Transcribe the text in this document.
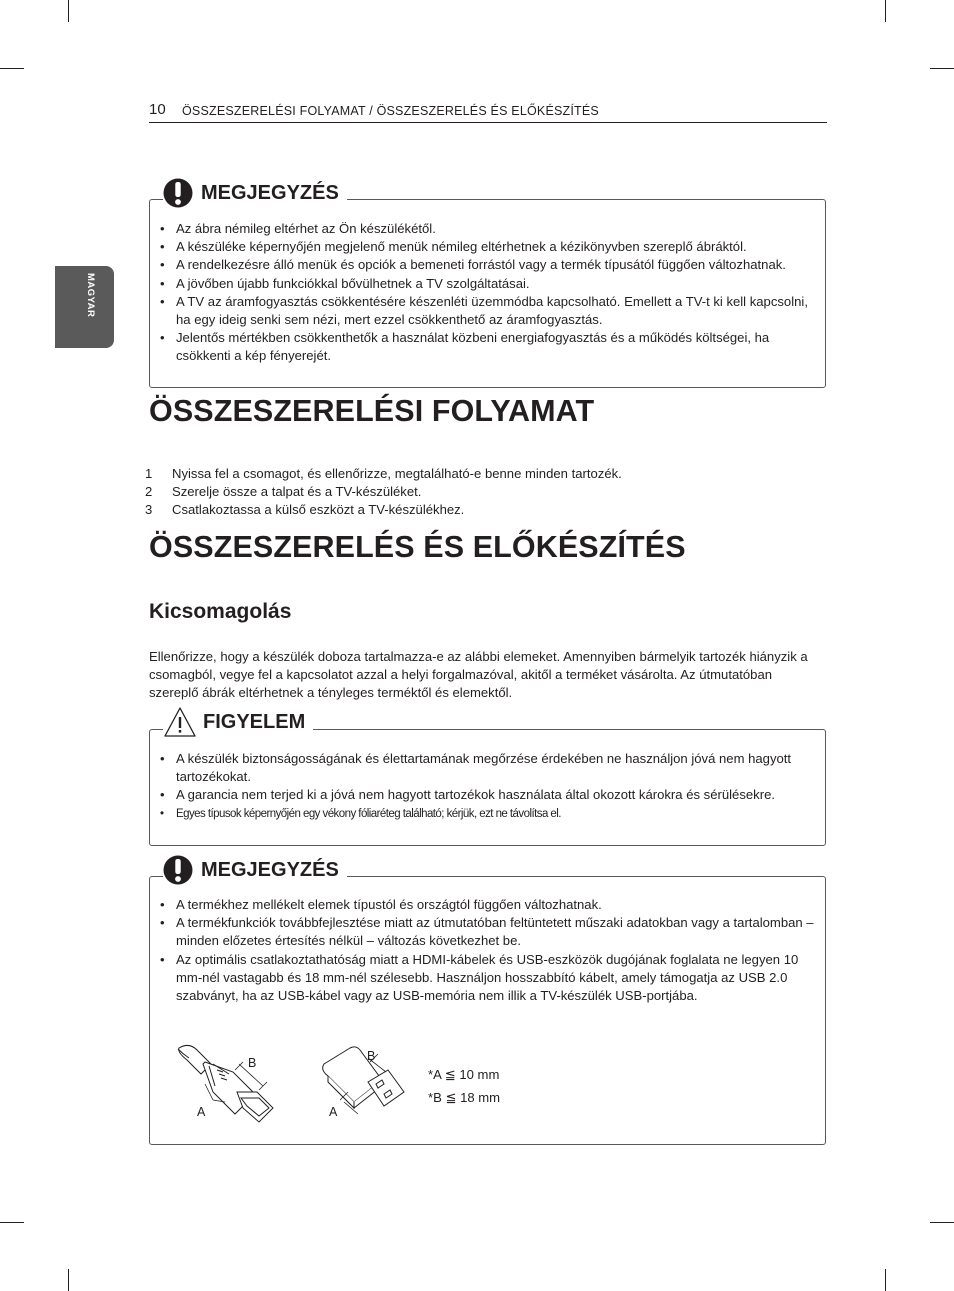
10 ÖSSZESZERELÉSI FOLYAMAT / ÖSSZESZERELÉS ÉS ELŐKÉSZÍTÉS
MAGYAR
MEGJEGYZÉS
• Az ábra némileg eltérhet az Ön készülékétől.
• A készüléke képernyőjén megjelenő menük némileg eltérhetnek a kézikönyvben szereplő ábráktól.
• A rendelkezésre álló menük és opciók a bemeneti forrástól vagy a termék típusától függően változhatnak.
• A jövőben újabb funkciókkal bővülhetnek a TV szolgáltatásai.
• A TV az áramfogyasztás csökkentésére készenléti üzemmódba kapcsolható. Emellett a TV-t ki kell kapcsolni, ha egy ideig senki sem nézi, mert ezzel csökkenthető az áramfogyasztás.
• Jelentős mértékben csökkenthetők a használat közbeni energiafogyasztás és a működés költségei, ha csökkenti a kép fényerejét.
ÖSSZESZERELÉSI FOLYAMAT
1 Nyissa fel a csomagot, és ellenőrizze, megtalálható-e benne minden tartozék.
2 Szerelje össze a talpat és a TV-készüléket.
3 Csatlakoztassa a külső eszközt a TV-készülékhez.
ÖSSZESZERELÉS ÉS ELŐKÉSZÍTÉS
Kicsomagolás

Ellenőrizze, hogy a készülék doboza tartalmazza-e az alábbi elemeket. Amennyiben bármelyik tartozék hiányzik a csomagból, vegye fel a kapcsolatot azzal a helyi forgalmazóval, akitől a terméket vásárolta. Az útmutatóban szereplő ábrák eltérhetnek a tényleges terméktől és elemektől.

FIGYELEM
• A készülék biztonságosságának és élettartamának megőrzése érdekében ne használjon jóvá nem hagyott tartozékokat.
• A garancia nem terjed ki a jóvá nem hagyott tartozékok használata által okozott károkra és sérülésekre.
• Egyes típusok képernyőjén egy vékony fóliaréteg található; kérjük, ezt ne távolítsa el.
MEGJEGYZÉS
• A termékhez mellékelt elemek típustól és országtól függően változhatnak.
• A termékfunkciók továbbfejlesztése miatt az útmutatóban feltüntetett műszaki adatokban vagy a tartalomban – minden előzetes értesítés nélkül – változás következhet be.
• Az optimális csatlakoztathatóság miatt a HDMI-kábelek és USB-eszközök dugójának foglalata ne legyen 10 mm-nél vastagabb és 18 mm-nél szélesebb. Használjon hosszabbító kábelt, amely támogatja az USB 2.0 szabványt, ha az USB-kábel vagy az USB-memória nem illik a TV-készülék USB-portjába.
B
A
B
A
*A ≦ 10 mm
*B ≦ 18 mm
